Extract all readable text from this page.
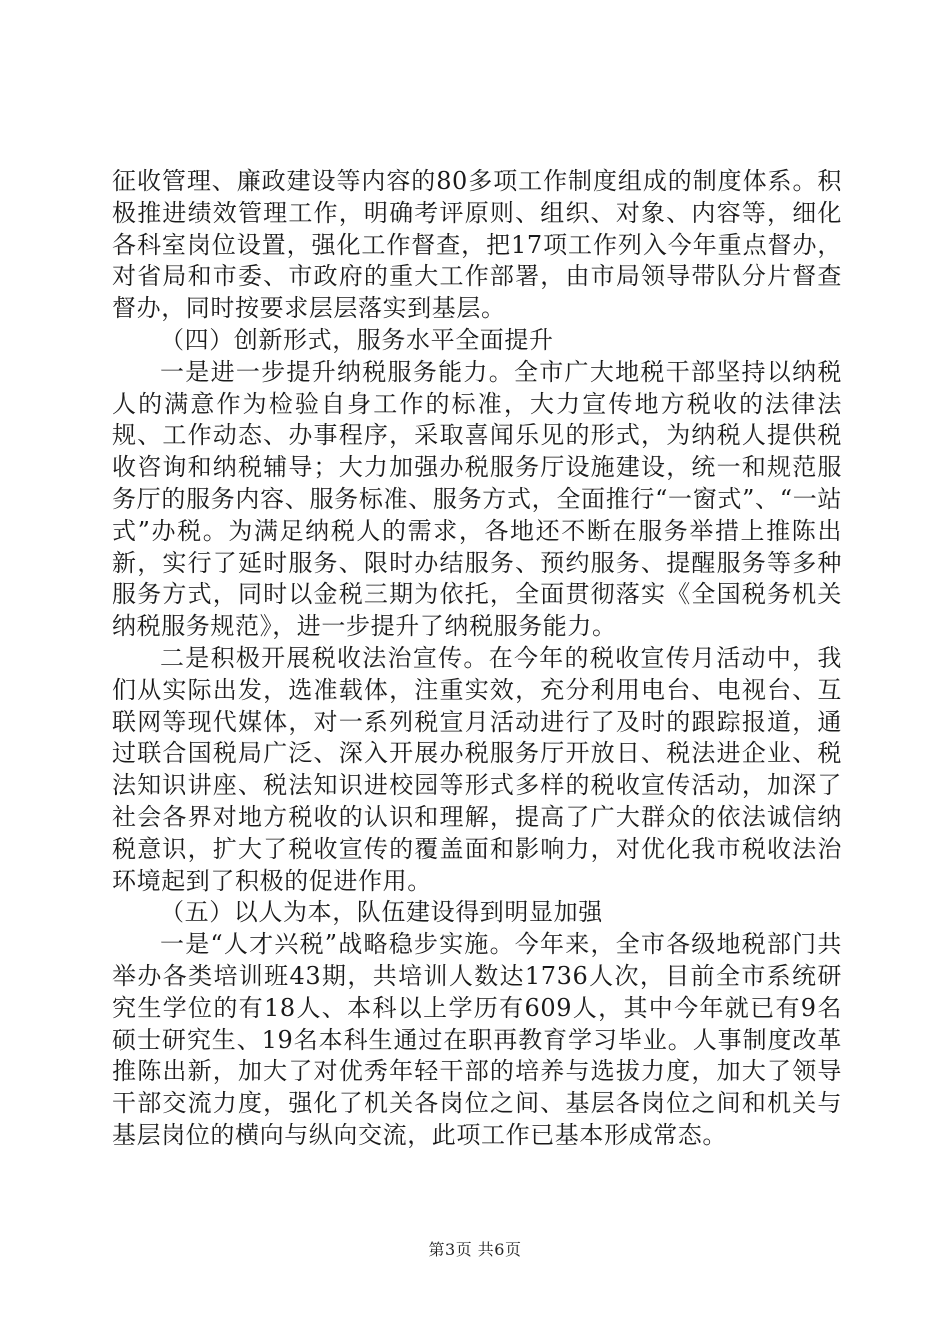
征收管理、廉政建设等内容的80多项工作制度组成的制度体系。积极推进绩效管理工作，明确考评原则、组织、对象、内容等，细化各科室岗位设置，强化工作督查，把17项工作列入今年重点督办，对省局和市委、市政府的重大工作部署，由市局领导带队分片督查督办，同时按要求层层落实到基层。

（四）创新形式，服务水平全面提升

一是进一步提升纳税服务能力。全市广大地税干部坚持以纳税人的满意作为检验自身工作的标准，大力宣传地方税收的法律法规、工作动态、办事程序，采取喜闻乐见的形式，为纳税人提供税收咨询和纳税辅导；大力加强办税服务厅设施建设，统一和规范服务厅的服务内容、服务标准、服务方式，全面推行“一窗式”、“一站式”办税。为满足纳税人的需求，各地还不断在服务举措上推陈出新，实行了延时服务、限时办结服务、预约服务、提醒服务等多种服务方式，同时以金税三期为依托，全面贯彻落实《全国税务机关纳税服务规范》，进一步提升了纳税服务能力。

二是积极开展税收法治宣传。在今年的税收宣传月活动中，我们从实际出发，选准载体，注重实效，充分利用电台、电视台、互联网等现代媒体，对一系列税宣月活动进行了及时的跟踪报道，通过联合国税局广泛、深入开展办税服务厅开放日、税法进企业、税法知识讲座、税法知识进校园等形式多样的税收宣传活动，加深了社会各界对地方税收的认识和理解，提高了广大群众的依法诚信纳税意识，扩大了税收宣传的覆盖面和影响力，对优化我市税收法治环境起到了积极的促进作用。

（五）以人为本，队伍建设得到明显加强

一是“人才兴税”战略稳步实施。今年来，全市各级地税部门共举办各类培训班43期，共培训人数达1736人次，目前全市系统研究生学位的有18人、本科以上学历有609人，其中今年就已有9名硕士研究生、19名本科生通过在职再教育学习毕业。人事制度改革推陈出新，加大了对优秀年轻干部的培养与选拔力度，加大了领导干部交流力度，强化了机关各岗位之间、基层各岗位之间和机关与基层岗位的横向与纵向交流，此项工作已基本形成常态。

第3页 共6页
